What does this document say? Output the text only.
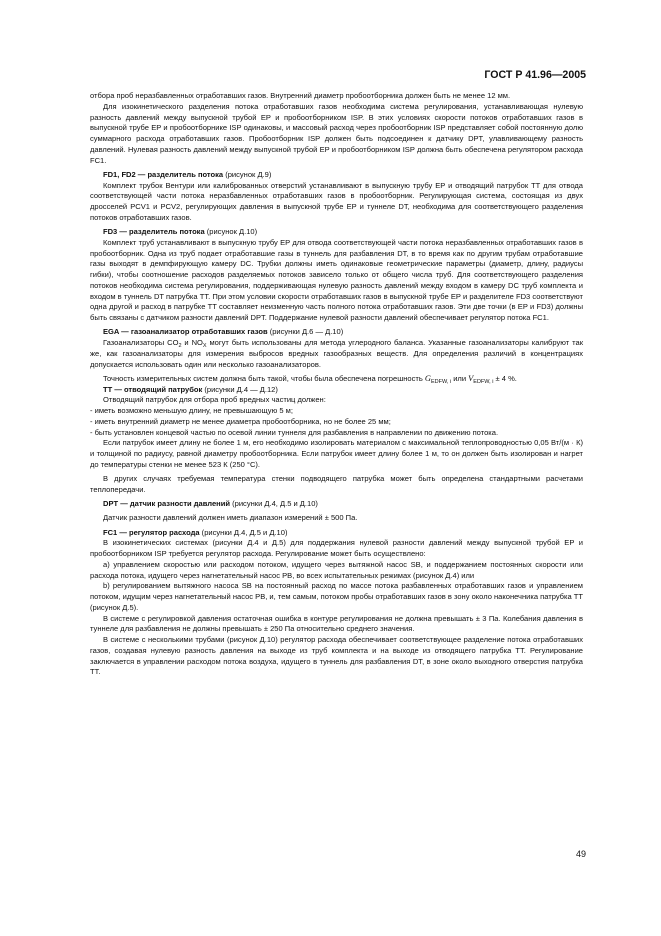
ГОСТ Р 41.96—2005

отбора проб неразбавленных отработавших газов. Внутренний диаметр пробоотборника должен быть не менее 12 мм.

Для изокинетического разделения потока отработавших газов необходима система регулирования, устанавливающая нулевую разность давлений между выпускной трубой EP и пробоотборником ISP. В этих условиях скорости потоков отработавших газов в выпускной трубе EP и пробоотборнике ISP одинаковы, и массовый расход через пробоотборник ISP представляет собой постоянную долю суммарного расхода отработавших газов. Пробоотборник ISP должен быть подсоединен к датчику DPT, улавливающему разность давлений. Нулевая разность давлений между выпускной трубой EP и пробоотборником ISP должна быть обеспечена регулятором расхода FC1.

FD1, FD2 — разделитель потока (рисунок Д.9)

Комплект трубок Вентури или калиброванных отверстий устанавливают в выпускную трубу EP и отводящий патрубок TT для отвода соответствующей части потока неразбавленных отработавших газов в пробоотборник. Регулирующая система, состоящая из двух дросселей PCV1 и PCV2, регулирующих давления в выпускной трубе EP и туннеле DT, необходима для соответствующего разделения потоков отработавших газов.

FD3 — разделитель потока (рисунок Д.10)

Комплект труб устанавливают в выпускную трубу EP для отвода соответствующей части потока неразбавленных отработавших газов в пробоотборник. Одна из труб подает отработавшие газы в туннель для разбавления DT, в то время как по другим трубам отработавшие газы выходят в демпфирующую камеру DC. Трубки должны иметь одинаковые геометрические параметры (диаметр, длину, радиусы гибки), чтобы соотношение расходов разделяемых потоков зависело только от общего числа труб. Для соответствующего разделения потоков необходима система регулирования, поддерживающая нулевую разность давлений между входом в камеру DC труб комплекта и входом в туннель DT патрубка TT. При этом условии скорости отработавших газов в выпускной трубе EP и разделителе FD3 соответствуют одна другой и расход в патрубке TT составляет неизменную часть полного потока отработавших газов. Эти две точки (в EP и FD3) должны быть связаны с датчиком разности давлений DPT. Поддержание нулевой разности давлений обеспечивает регулятор потока FC1.

EGA — газоанализатор отработавших газов (рисунки Д.6 — Д.10)

Газоанализаторы $CO_2$ и $NO_X$ могут быть использованы для метода углеродного баланса. Указанные газоанализаторы калибруют так же, как газоанализаторы для измерения выбросов вредных газообразных веществ. Для определения различий в концентрациях допускается использовать один или несколько газоанализаторов.

Точность измерительных систем должна быть такой, чтобы была обеспечена погрешность $G_{EDFW, i}$ или $V_{EDFW, i} \pm 4$ %.

TT — отводящий патрубок (рисунки Д.4 — Д.12)

Отводящий патрубок для отбора проб вредных частиц должен:

- иметь возможно меньшую длину, не превышающую 5 м;

- иметь внутренний диаметр не менее диаметра пробоотборника, но не более 25 мм;

- быть установлен концевой частью по осевой линии туннеля для разбавления в направлении по движению потока.

Если патрубок имеет длину не более 1 м, его необходимо изолировать материалом с максимальной теплопроводностью 0,05 Вт/(м · К) и толщиной по радиусу, равной диаметру пробоотборника. Если патрубок имеет длину более 1 м, то он должен быть изолирован и нагрет до температуры стенки не менее 523 К (250 °С).

В других случаях требуемая температура стенки подводящего патрубка может быть определена стандартными расчетами теплопередачи.

DPT — датчик разности давлений (рисунки Д.4, Д.5 и Д.10)

Датчик разности давлений должен иметь диапазон измерений ± 500 Па.

FC1 — регулятор расхода (рисунки Д.4, Д.5 и Д.10)

В изокинетических системах (рисунки Д.4 и Д.5) для поддержания нулевой разности давлений между выпускной трубой EP и пробоотборником ISP требуется регулятор расхода. Регулирование может быть осуществлено:

а) управлением скоростью или расходом потоком, идущего через вытяжной насос SB, и поддержанием постоянных скорости или расхода потока, идущего через нагнетательный насос PB, во всех испытательных режимах (рисунок Д.4) или

b) регулированием вытяжного насоса SB на постоянный расход по массе потока разбавленных отработавших газов и управлением потоком, идущим через нагнетательный насос PB, и, тем самым, потоком пробы отработавших газов в зону около наконечника патрубка TT (рисунок Д.5).

В системе с регулировкой давления остаточная ошибка в контуре регулирования не должна превышать ± 3 Па. Колебания давления в туннеле для разбавления не должны превышать ± 250 Па относительно среднего значения.

В системе с несколькими трубами (рисунок Д.10) регулятор расхода обеспечивает соответствующее разделение потока отработавших газов, создавая нулевую разность давления на выходе из труб комплекта и на выходе из отводящего патрубка TT. Регулирование заключается в управлении расходом потока воздуха, идущего в туннель для разбавления DT, в зоне около выходного отверстия патрубка TT.

49
